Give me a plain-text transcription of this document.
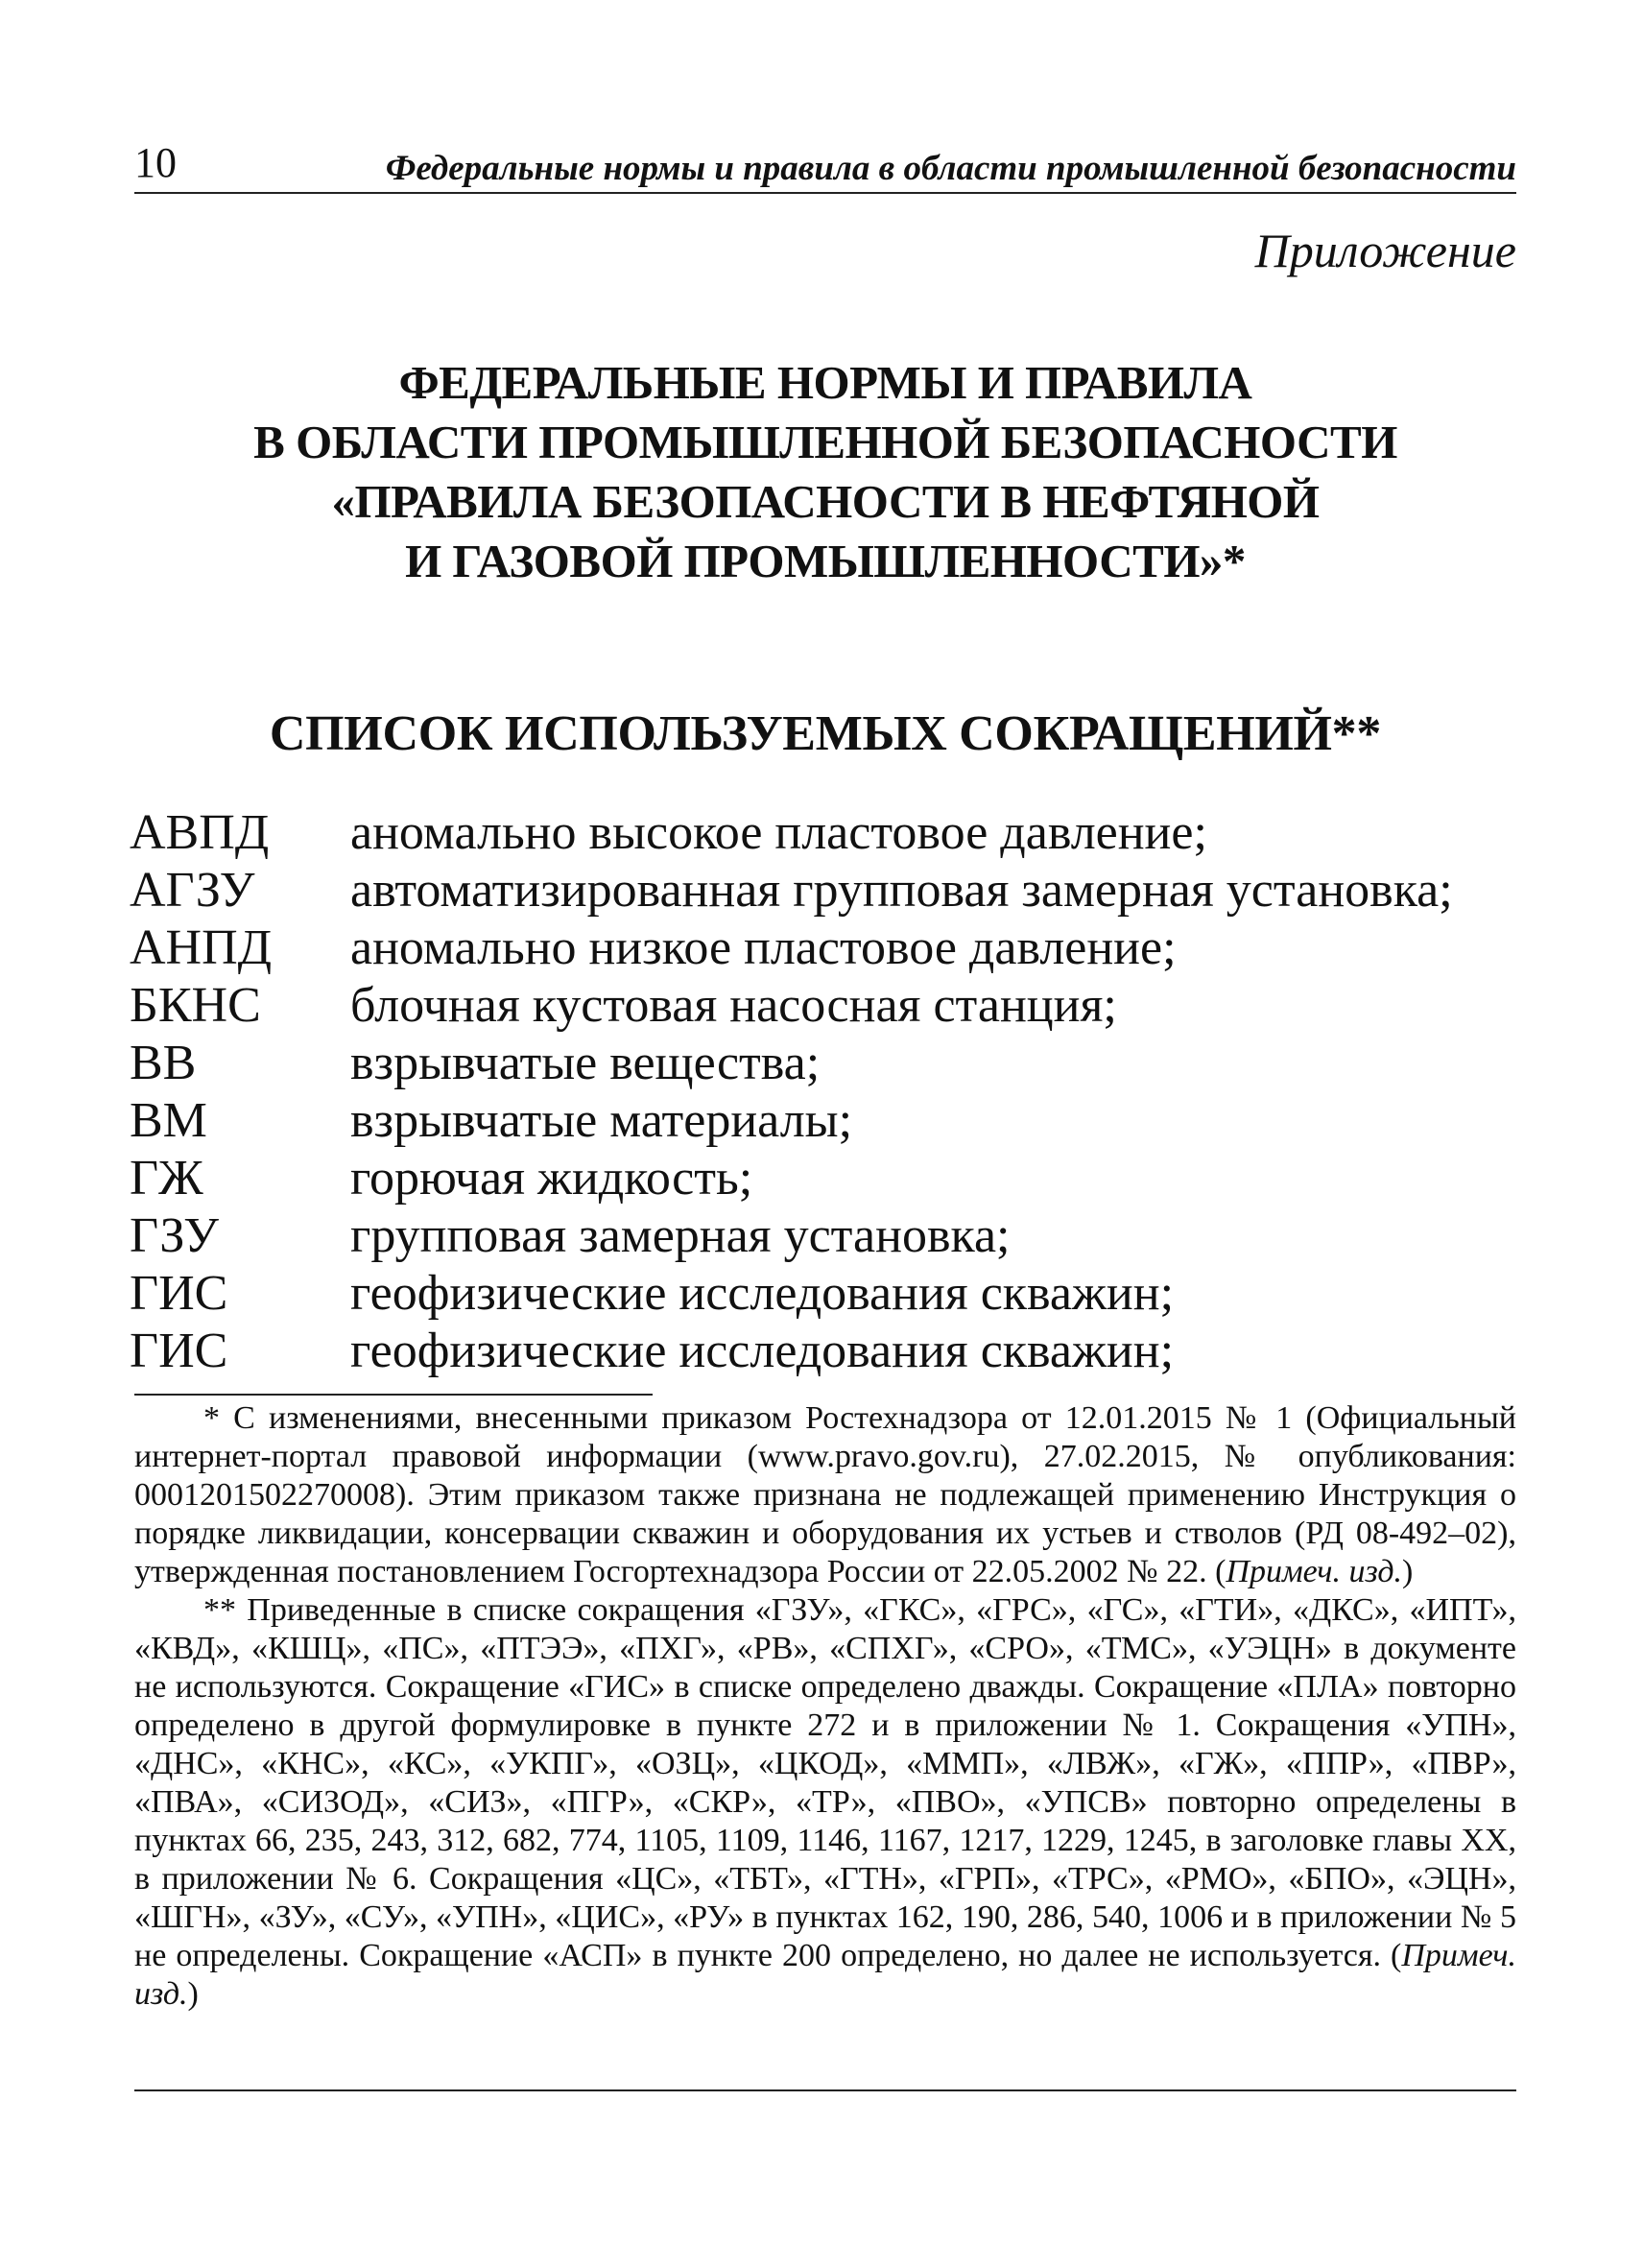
10	Федеральные нормы и правила в области промышленной безопасности
Приложение
ФЕДЕРАЛЬНЫЕ НОРМЫ И ПРАВИЛА
В ОБЛАСТИ ПРОМЫШЛЕННОЙ БЕЗОПАСНОСТИ
«ПРАВИЛА БЕЗОПАСНОСТИ В НЕФТЯНОЙ
И ГАЗОВОЙ ПРОМЫШЛЕННОСТИ»*
СПИСОК ИСПОЛЬЗУЕМЫХ СОКРАЩЕНИЙ**
АВПД аномально высокое пластовое давление;
АГЗУ автоматизированная групповая замерная установка;
АНПД аномально низкое пластовое давление;
БКНС блочная кустовая насосная станция;
ВВ	взрывчатые вещества;
ВМ	взрывчатые материалы;
ГЖ	горючая жидкость;
ГЗУ	групповая замерная установка;
ГИС геофизические исследования скважин;
ГИС геофизические исследования скважин;

* С изменениями, внесенными приказом Ростехнадзора от 12.01.2015 № 1 (Официальный интернет-портал правовой информации (www.pravo.gov.ru), 27.02.2015, № опубликования: 0001201502270008). Этим приказом также признана не подлежащей применению Инструкция о порядке ликвидации, консервации скважин и оборудования их устьев и стволов (РД 08-492–02), утвержденная постановлением Госгортехнадзора России от 22.05.2002 № 22. (Примеч. изд.)

** Приведенные в списке сокращения «ГЗУ», «ГКС», «ГРС», «ГС», «ГТИ», «ДКС», «ИПТ», «КВД», «КШЦ», «ПС», «ПТЭЭ», «ПХГ», «РВ», «СПХГ», «СРО», «ТМС», «УЭЦН» в документе не используются. Сокращение «ГИС» в списке определено дважды. Сокращение «ПЛА» повторно определено в другой формулировке в пункте 272 и в приложении № 1. Сокращения «УПН», «ДНС», «КНС», «КС», «УКПГ», «ОЗЦ», «ЦКОД», «ММП», «ЛВЖ», «ГЖ», «ППР», «ПВР», «ПВА», «СИЗОД», «СИЗ», «ПГР», «СКР», «ТР», «ПВО», «УПСВ» повторно определены в пунктах 66, 235, 243, 312, 682, 774, 1105, 1109, 1146, 1167, 1217, 1229, 1245, в заголовке главы XX, в приложении № 6. Сокращения «ЦС», «ТБТ», «ГТН», «ГРП», «ТРС», «РМО», «БПО», «ЭЦН», «ШГН», «ЗУ», «СУ», «УПН», «ЦИС», «РУ» в пунктах 162, 190, 286, 540, 1006 и в приложении № 5 не определены. Сокращение «АСП» в пункте 200 определено, но далее не используется. (Примеч. изд.)
